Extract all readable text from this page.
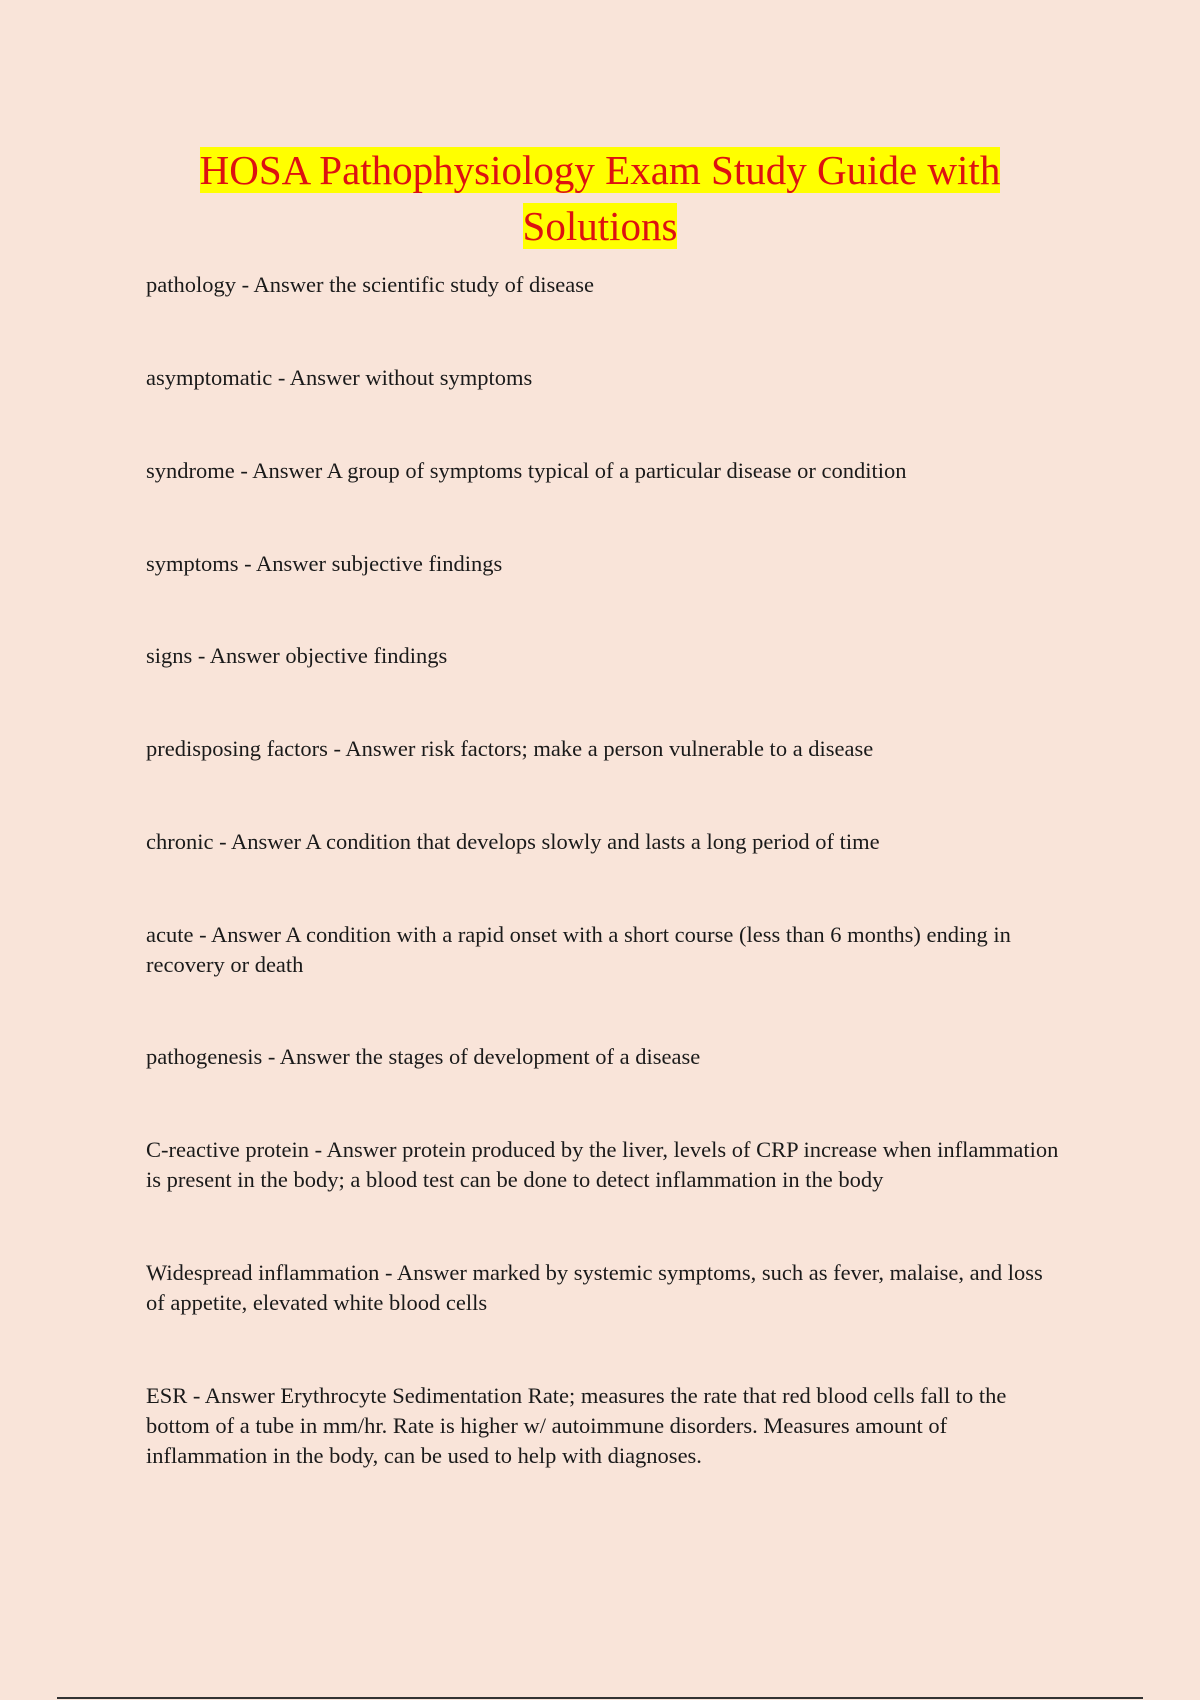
HOSA Pathophysiology Exam Study Guide with
Solutions

pathology - Answer the scientific study of disease

asymptomatic - Answer without symptoms

syndrome - Answer A group of symptoms typical of a particular disease or condition

symptoms - Answer subjective findings

signs - Answer objective findings

predisposing factors - Answer risk factors; make a person vulnerable to a disease

chronic - Answer A condition that develops slowly and lasts a long period of time

acute - Answer A condition with a rapid onset with a short course (less than 6 months) ending in recovery or death

pathogenesis - Answer the stages of development of a disease

C-reactive protein - Answer protein produced by the liver, levels of CRP increase when inflammation is present in the body; a blood test can be done to detect inflammation in the body

Widespread inflammation - Answer marked by systemic symptoms, such as fever, malaise, and loss of appetite, elevated white blood cells

ESR - Answer Erythrocyte Sedimentation Rate; measures the rate that red blood cells fall to the bottom of a tube in mm/hr. Rate is higher w/ autoimmune disorders. Measures amount of inflammation in the body, can be used to help with diagnoses.
